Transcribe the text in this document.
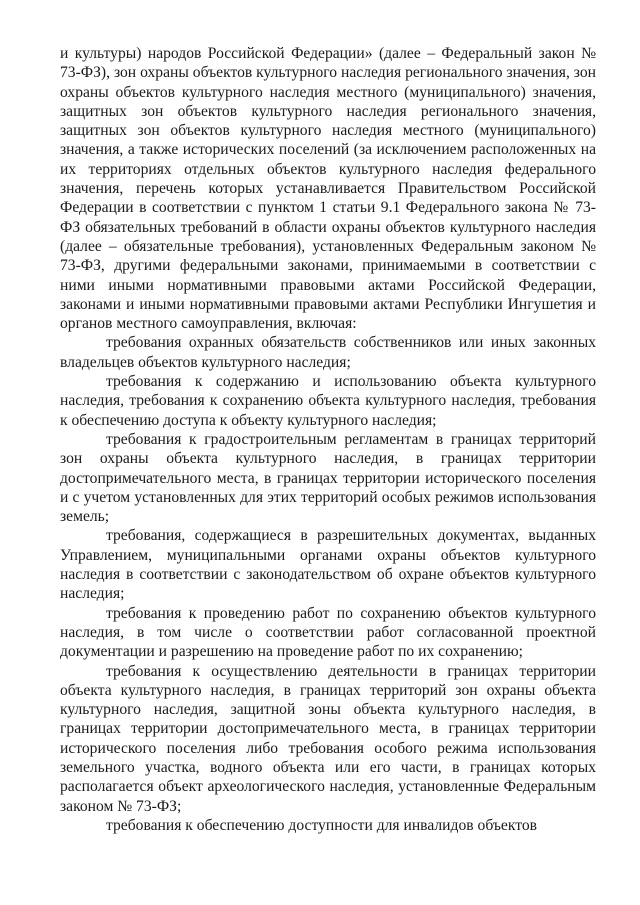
и культуры) народов Российской Федерации» (далее – Федеральный закон № 73-ФЗ), зон охраны объектов культурного наследия регионального значения, зон охраны объектов культурного наследия местного (муниципального) значения, защитных зон объектов культурного наследия регионального значения, защитных зон объектов культурного наследия местного (муниципального) значения, а также исторических поселений (за исключением расположенных на их территориях отдельных объектов культурного наследия федерального значения, перечень которых устанавливается Правительством Российской Федерации в соответствии с пунктом 1 статьи 9.1 Федерального закона № 73-ФЗ обязательных требований в области охраны объектов культурного наследия (далее – обязательные требования), установленных Федеральным законом № 73-ФЗ, другими федеральными законами, принимаемыми в соответствии с ними иными нормативными правовыми актами Российской Федерации, законами и иными нормативными правовыми актами Республики Ингушетия и органов местного самоуправления, включая:

требования охранных обязательств собственников или иных законных владельцев объектов культурного наследия;

требования к содержанию и использованию объекта культурного наследия, требования к сохранению объекта культурного наследия, требования к обеспечению доступа к объекту культурного наследия;

требования к градостроительным регламентам в границах территорий зон охраны объекта культурного наследия, в границах территории достопримечательного места, в границах территории исторического поселения и с учетом установленных для этих территорий особых режимов использования земель;

требования, содержащиеся в разрешительных документах, выданных Управлением, муниципальными органами охраны объектов культурного наследия в соответствии с законодательством об охране объектов культурного наследия;

требования к проведению работ по сохранению объектов культурного наследия, в том числе о соответствии работ согласованной проектной документации и разрешению на проведение работ по их сохранению;

требования к осуществлению деятельности в границах территории объекта культурного наследия, в границах территорий зон охраны объекта культурного наследия, защитной зоны объекта культурного наследия, в границах территории достопримечательного места, в границах территории исторического поселения либо требования особого режима использования земельного участка, водного объекта или его части, в границах которых располагается объект археологического наследия, установленные Федеральным законом № 73-ФЗ;

требования к обеспечению доступности для инвалидов объектов
